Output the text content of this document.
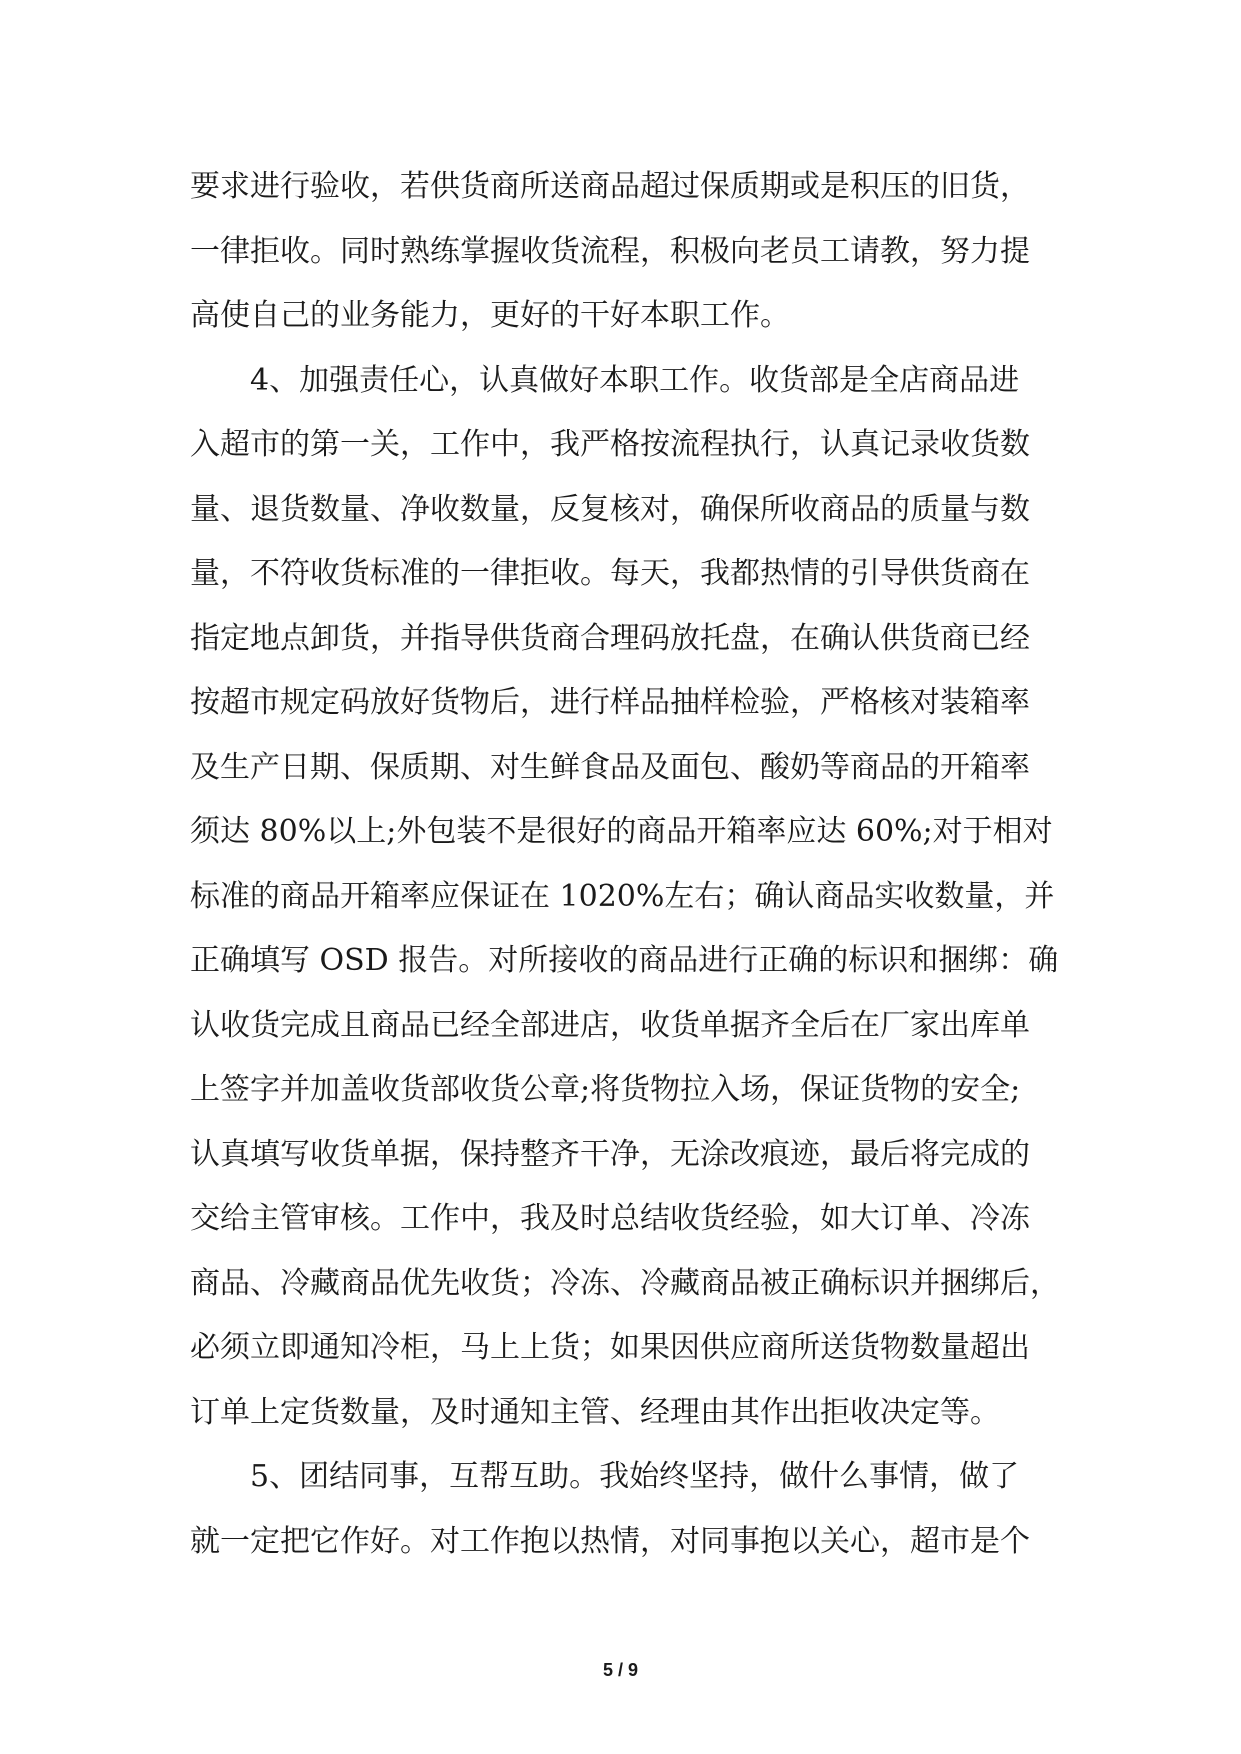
要求进行验收，若供货商所送商品超过保质期或是积压的旧货，
一律拒收。同时熟练掌握收货流程，积极向老员工请教，努力提
高使自己的业务能力，更好的干好本职工作。
4、加强责任心，认真做好本职工作。收货部是全店商品进
入超市的第一关，工作中，我严格按流程执行，认真记录收货数
量、退货数量、净收数量，反复核对，确保所收商品的质量与数
量，不符收货标准的一律拒收。每天，我都热情的引导供货商在
指定地点卸货，并指导供货商合理码放托盘，在确认供货商已经
按超市规定码放好货物后，进行样品抽样检验，严格核对装箱率
及生产日期、保质期、对生鲜食品及面包、酸奶等商品的开箱率
须达 80%以上;外包装不是很好的商品开箱率应达 60%;对于相对
标准的商品开箱率应保证在 1020%左右；确认商品实收数量，并
正确填写 OSD 报告。对所接收的商品进行正确的标识和捆绑：确
认收货完成且商品已经全部进店，收货单据齐全后在厂家出库单
上签字并加盖收货部收货公章;将货物拉入场，保证货物的安全;
认真填写收货单据，保持整齐干净，无涂改痕迹，最后将完成的
交给主管审核。工作中，我及时总结收货经验，如大订单、冷冻
商品、冷藏商品优先收货；冷冻、冷藏商品被正确标识并捆绑后，
必须立即通知冷柜，马上上货；如果因供应商所送货物数量超出
订单上定货数量，及时通知主管、经理由其作出拒收决定等。
5、团结同事，互帮互助。我始终坚持，做什么事情，做了
就一定把它作好。对工作抱以热情，对同事抱以关心，超市是个
5 / 9
